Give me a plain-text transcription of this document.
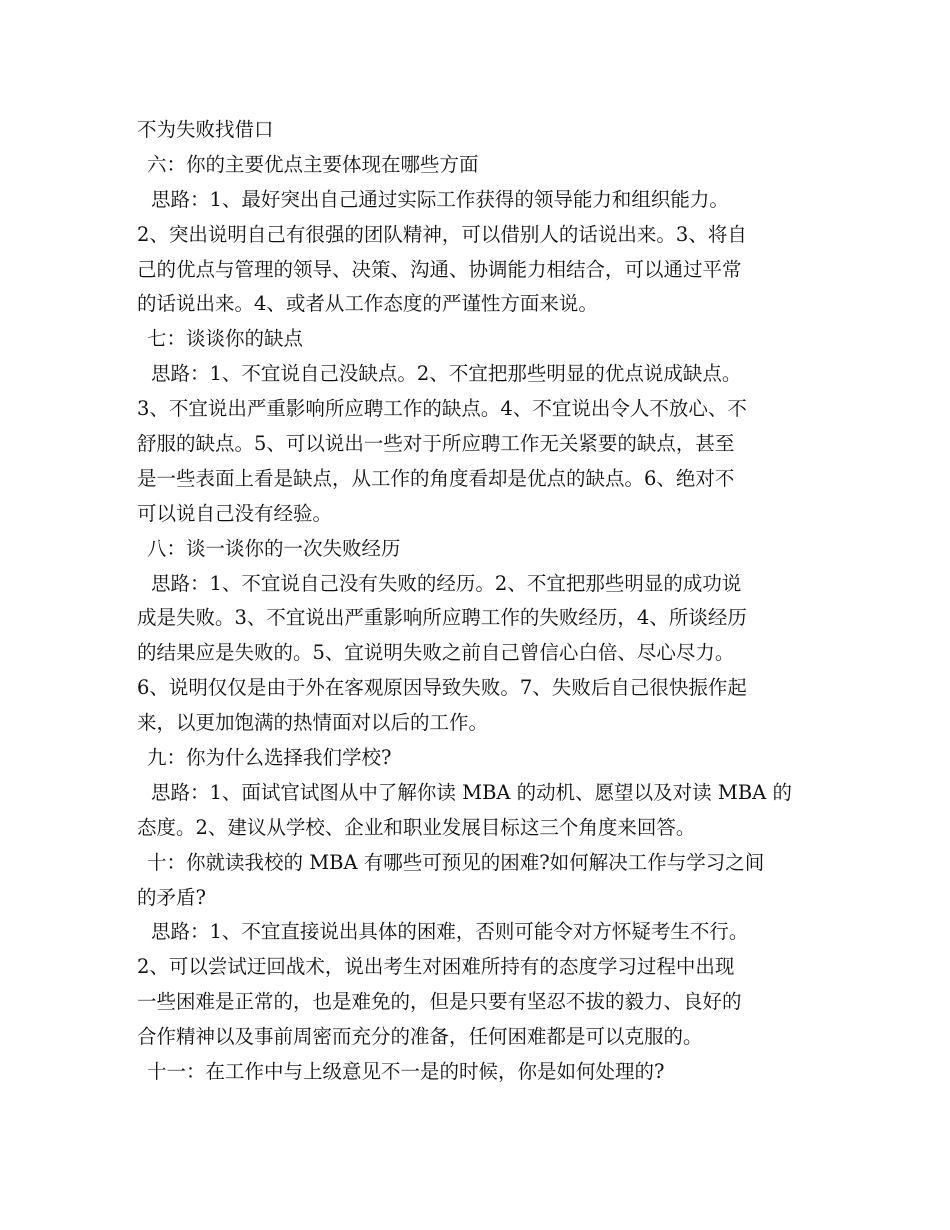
不为失败找借口
六：你的主要优点主要体现在哪些方面
思路：1、最好突出自己通过实际工作获得的领导能力和组织能力。
2、突出说明自己有很强的团队精神，可以借别人的话说出来。3、将自
己的优点与管理的领导、决策、沟通、协调能力相结合，可以通过平常
的话说出来。4、或者从工作态度的严谨性方面来说。
七：谈谈你的缺点
思路：1、不宜说自己没缺点。2、不宜把那些明显的优点说成缺点。
3、不宜说出严重影响所应聘工作的缺点。4、不宜说出令人不放心、不
舒服的缺点。5、可以说出一些对于所应聘工作无关紧要的缺点，甚至
是一些表面上看是缺点，从工作的角度看却是优点的缺点。6、绝对不
可以说自己没有经验。
八：谈一谈你的一次失败经历
思路：1、不宜说自己没有失败的经历。2、不宜把那些明显的成功说
成是失败。3、不宜说出严重影响所应聘工作的失败经历，4、所谈经历
的结果应是失败的。5、宜说明失败之前自己曾信心白倍、尽心尽力。
6、说明仅仅是由于外在客观原因导致失败。7、失败后自己很快振作起
来，以更加饱满的热情面对以后的工作。
九：你为什么选择我们学校?
思路：1、面试官试图从中了解你读 MBA 的动机、愿望以及对读 MBA 的
态度。2、建议从学校、企业和职业发展目标这三个角度来回答。
十：你就读我校的 MBA 有哪些可预见的困难?如何解决工作与学习之间
的矛盾?
思路：1、不宜直接说出具体的困难，否则可能令对方怀疑考生不行。
2、可以尝试迂回战术，说出考生对困难所持有的态度学习过程中出现
一些困难是正常的，也是难免的，但是只要有坚忍不拔的毅力、良好的
合作精神以及事前周密而充分的准备，任何困难都是可以克服的。
十一：在工作中与上级意见不一是的时候，你是如何处理的?
